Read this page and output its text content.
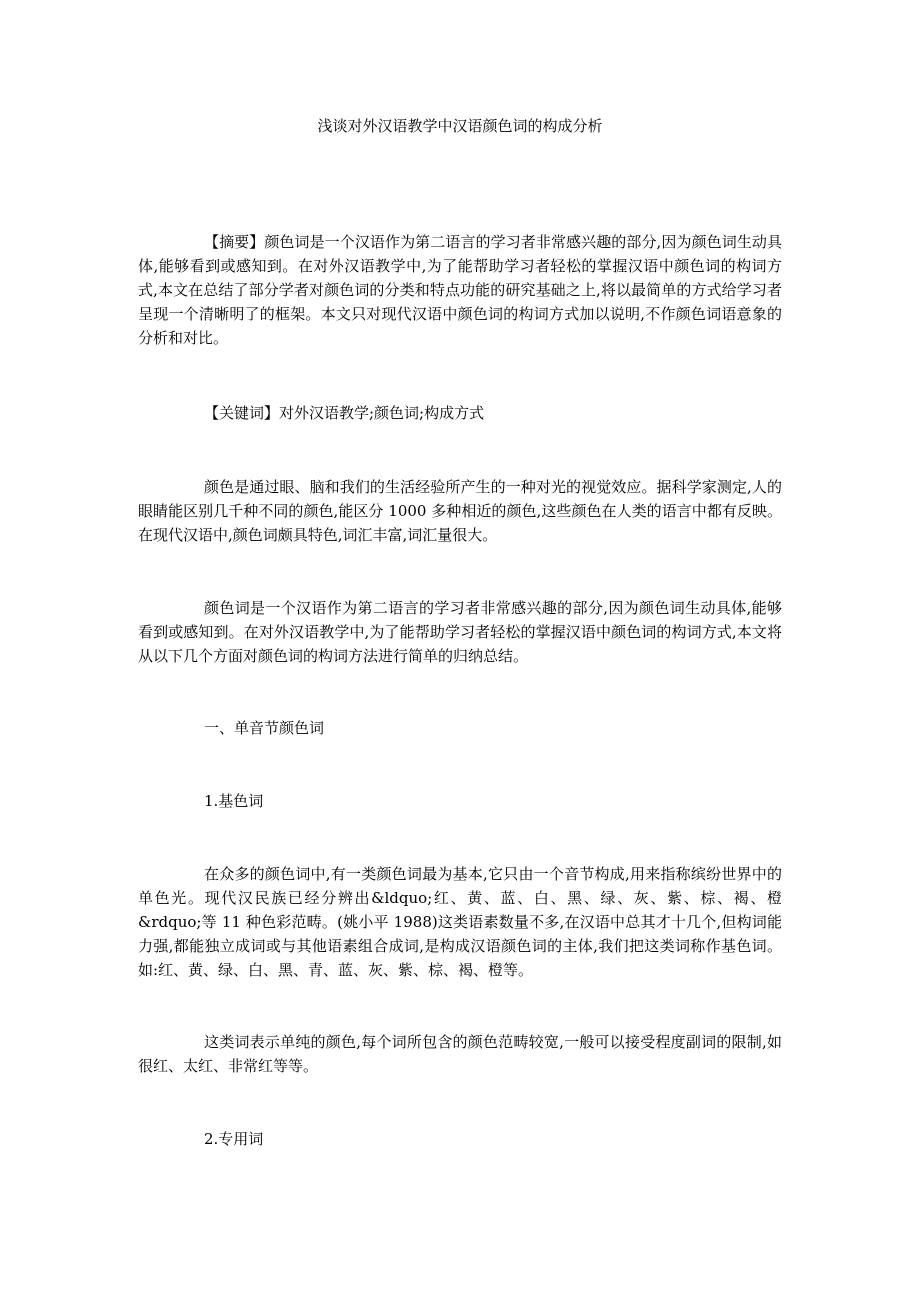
浅谈对外汉语教学中汉语颜色词的构成分析

【摘要】颜色词是一个汉语作为第二语言的学习者非常感兴趣的部分,因为颜色词生动具体,能够看到或感知到。在对外汉语教学中,为了能帮助学习者轻松的掌握汉语中颜色词的构词方式,本文在总结了部分学者对颜色词的分类和特点功能的研究基础之上,将以最简单的方式给学习者呈现一个清晰明了的框架。本文只对现代汉语中颜色词的构词方式加以说明,不作颜色词语意象的分析和对比。

【关键词】对外汉语教学;颜色词;构成方式

颜色是通过眼、脑和我们的生活经验所产生的一种对光的视觉效应。据科学家测定,人的眼睛能区别几千种不同的颜色,能区分 1000 多种相近的颜色,这些颜色在人类的语言中都有反映。在现代汉语中,颜色词颇具特色,词汇丰富,词汇量很大。

颜色词是一个汉语作为第二语言的学习者非常感兴趣的部分,因为颜色词生动具体,能够看到或感知到。在对外汉语教学中,为了能帮助学习者轻松的掌握汉语中颜色词的构词方式,本文将从以下几个方面对颜色词的构词方法进行简单的归纳总结。

一、单音节颜色词

1.基色词

在众多的颜色词中,有一类颜色词最为基本,它只由一个音节构成,用来指称缤纷世界中的单色光。现代汉民族已经分辨出&ldquo;红、黄、蓝、白、黑、绿、灰、紫、棕、褐、橙&rdquo;等 11 种色彩范畴。(姚小平 1988)这类语素数量不多,在汉语中总其才十几个,但构词能力强,都能独立成词或与其他语素组合成词,是构成汉语颜色词的主体,我们把这类词称作基色词。如:红、黄、绿、白、黑、青、蓝、灰、紫、棕、褐、橙等。

这类词表示单纯的颜色,每个词所包含的颜色范畴较宽,一般可以接受程度副词的限制,如很红、太红、非常红等等。

2.专用词
